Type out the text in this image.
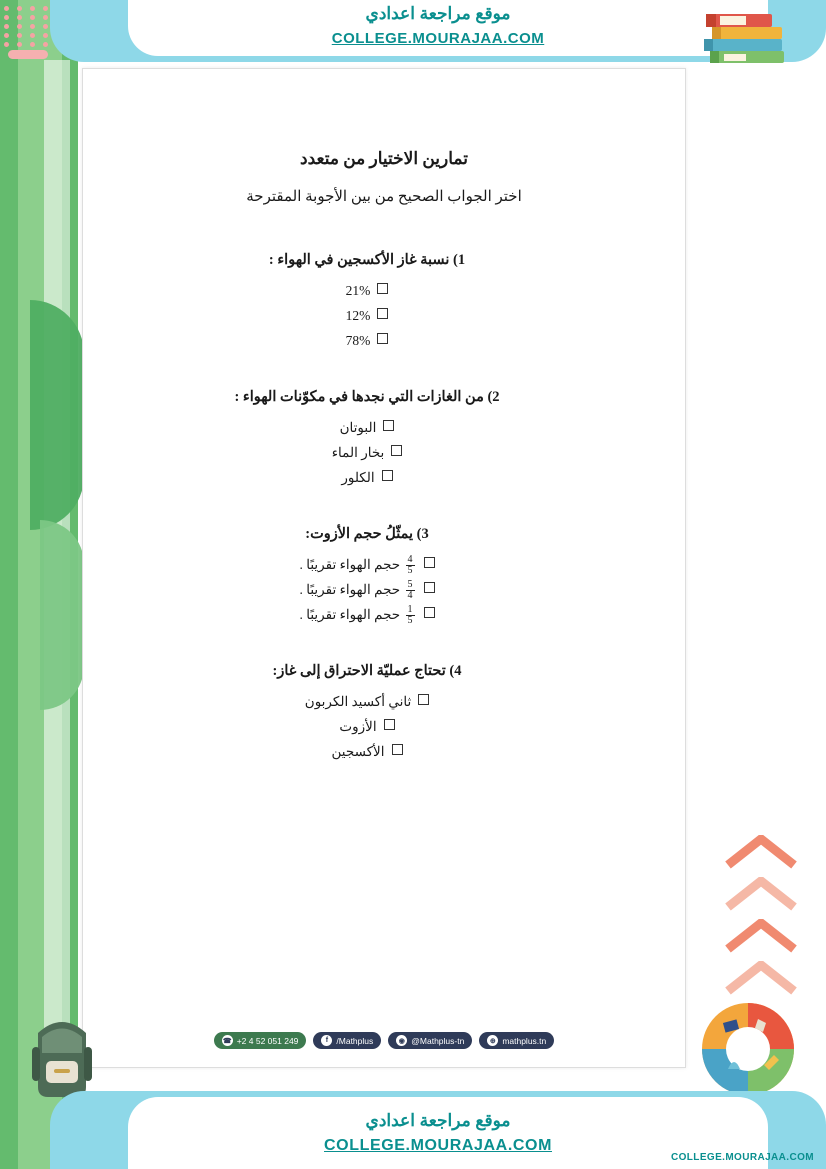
موقع مراجعة اعدادي
COLLEGE.MOURAJAA.COM
تمارين الاختيار من متعدد
اختر الجواب الصحيح من بين الأجوبة المقترحة
1) نسبة غاز الأكسجين في الهواء :
21%
12%
78%
2) من الغازات التي نجدها في مكوّنات الهواء :
البوتان
بخار الماء
الكلور
3) يمثّلُ حجم الأزوت:
$\frac{4}{5}$
حجم الهواء تقريبًا .
$\frac{5}{4}$
حجم الهواء تقريبًا .
$\frac{1}{5}$
حجم الهواء تقريبًا .
4) تحتاج عمليّة الاحتراق إلى غاز:
ثاني أكسيد الكربون
الأزوت
الأكسجين
☎ +2 4 52 051 249	f /Mathplus	◉ @Mathplus-tn	⊕ mathplus.tn
موقع مراجعة اعدادي
COLLEGE.MOURAJAA.COM
COLLEGE.MOURAJAA.COM
